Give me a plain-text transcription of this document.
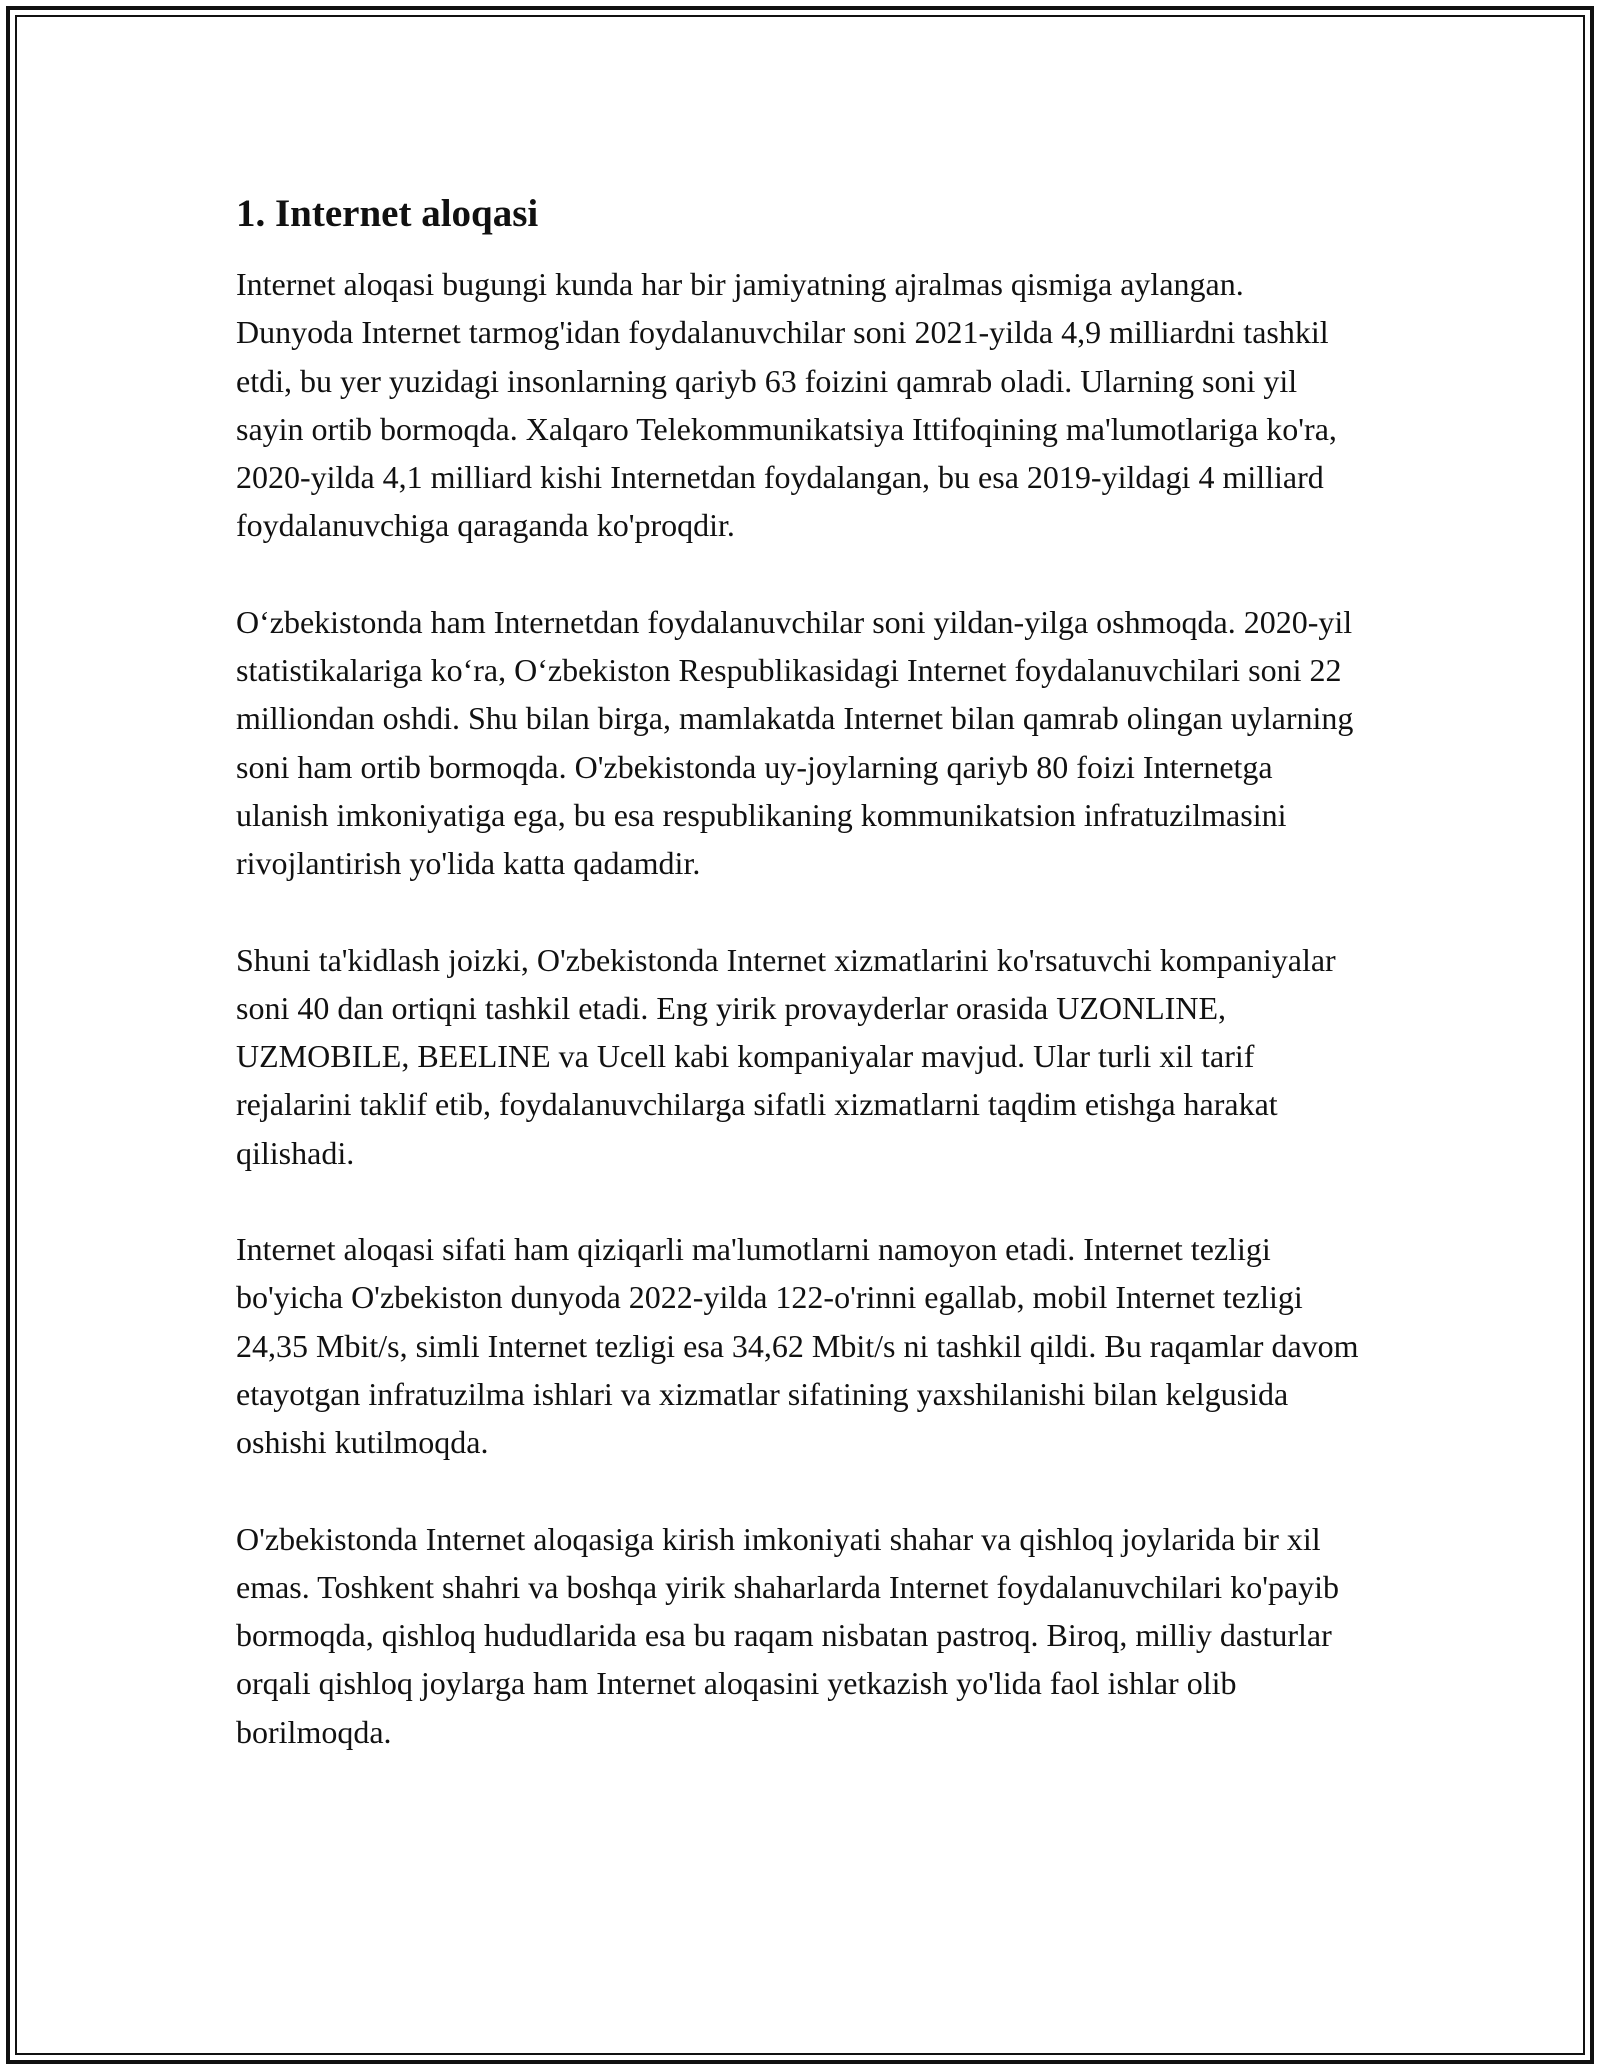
1. Internet aloqasi

Internet aloqasi bugungi kunda har bir jamiyatning ajralmas qismiga aylangan. Dunyoda Internet tarmog'idan foydalanuvchilar soni 2021-yilda 4,9 milliardni tashkil etdi, bu yer yuzidagi insonlarning qariyb 63 foizini qamrab oladi. Ularning soni yil sayin ortib bormoqda. Xalqaro Telekommunikatsiya Ittifoqining ma'lumotlariga ko'ra, 2020-yilda 4,1 milliard kishi Internetdan foydalangan, bu esa 2019-yildagi 4 milliard foydalanuvchiga qaraganda ko'proqdir.

O‘zbekistonda ham Internetdan foydalanuvchilar soni yildan-yilga oshmoqda. 2020-yil statistikalariga ko‘ra, O‘zbekiston Respublikasidagi Internet foydalanuvchilari soni 22 milliondan oshdi. Shu bilan birga, mamlakatda Internet bilan qamrab olingan uylarning soni ham ortib bormoqda. O'zbekistonda uy-joylarning qariyb 80 foizi Internetga ulanish imkoniyatiga ega, bu esa respublikaning kommunikatsion infratuzilmasini rivojlantirish yo'lida katta qadamdir.

Shuni ta'kidlash joizki, O'zbekistonda Internet xizmatlarini ko'rsatuvchi kompaniyalar soni 40 dan ortiqni tashkil etadi. Eng yirik provayderlar orasida UZONLINE, UZMOBILE, BEELINE va Ucell kabi kompaniyalar mavjud. Ular turli xil tarif rejalarini taklif etib, foydalanuvchilarga sifatli xizmatlarni taqdim etishga harakat qilishadi.

Internet aloqasi sifati ham qiziqarli ma'lumotlarni namoyon etadi. Internet tezligi bo'yicha O'zbekiston dunyoda 2022-yilda 122-o'rinni egallab, mobil Internet tezligi 24,35 Mbit/s, simli Internet tezligi esa 34,62 Mbit/s ni tashkil qildi. Bu raqamlar davom etayotgan infratuzilma ishlari va xizmatlar sifatining yaxshilanishi bilan kelgusida oshishi kutilmoqda.

O'zbekistonda Internet aloqasiga kirish imkoniyati shahar va qishloq joylarida bir xil emas. Toshkent shahri va boshqa yirik shaharlarda Internet foydalanuvchilari ko'payib bormoqda, qishloq hududlarida esa bu raqam nisbatan pastroq. Biroq, milliy dasturlar orqali qishloq joylarga ham Internet aloqasini yetkazish yo'lida faol ishlar olib borilmoqda.
